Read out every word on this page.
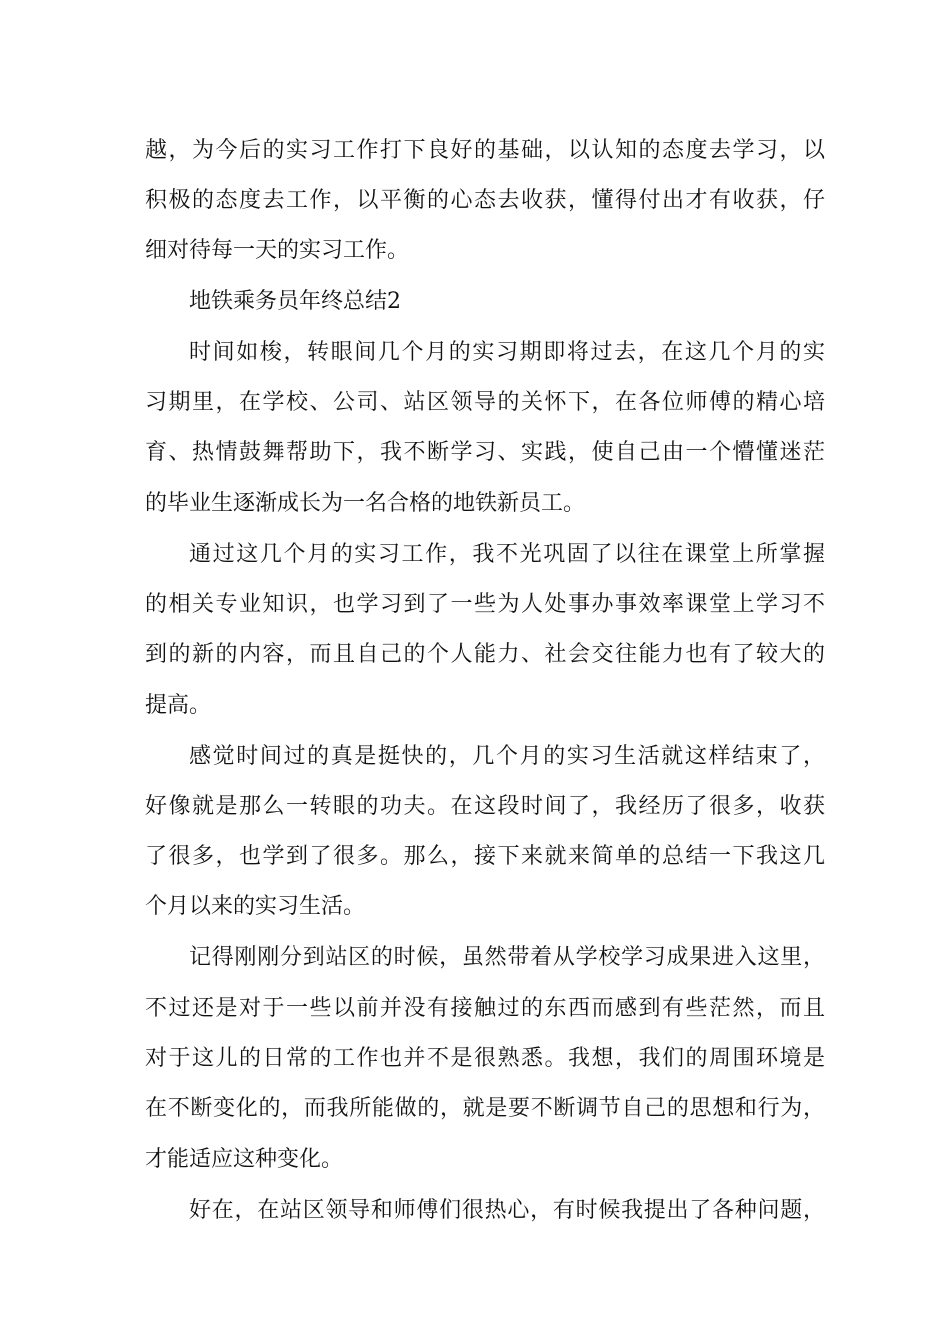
越，为今后的实习工作打下良好的基础，以认知的态度去学习，以
积极的态度去工作，以平衡的心态去收获，懂得付出才有收获，仔
细对待每一天的实习工作。
地铁乘务员年终总结2
时间如梭，转眼间几个月的实习期即将过去，在这几个月的实
习期里，在学校、公司、站区领导的关怀下，在各位师傅的精心培
育、热情鼓舞帮助下，我不断学习、实践，使自己由一个懵懂迷茫
的毕业生逐渐成长为一名合格的地铁新员工。
通过这几个月的实习工作，我不光巩固了以往在课堂上所掌握
的相关专业知识，也学习到了一些为人处事办事效率课堂上学习不
到的新的内容，而且自己的个人能力、社会交往能力也有了较大的
提高。
感觉时间过的真是挺快的，几个月的实习生活就这样结束了，
好像就是那么一转眼的功夫。在这段时间了，我经历了很多，收获
了很多，也学到了很多。那么，接下来就来简单的总结一下我这几
个月以来的实习生活。
记得刚刚分到站区的时候，虽然带着从学校学习成果进入这里，
不过还是对于一些以前并没有接触过的东西而感到有些茫然，而且
对于这儿的日常的工作也并不是很熟悉。我想，我们的周围环境是
在不断变化的，而我所能做的，就是要不断调节自己的思想和行为，
才能适应这种变化。
好在，在站区领导和师傅们很热心，有时候我提出了各种问题，
